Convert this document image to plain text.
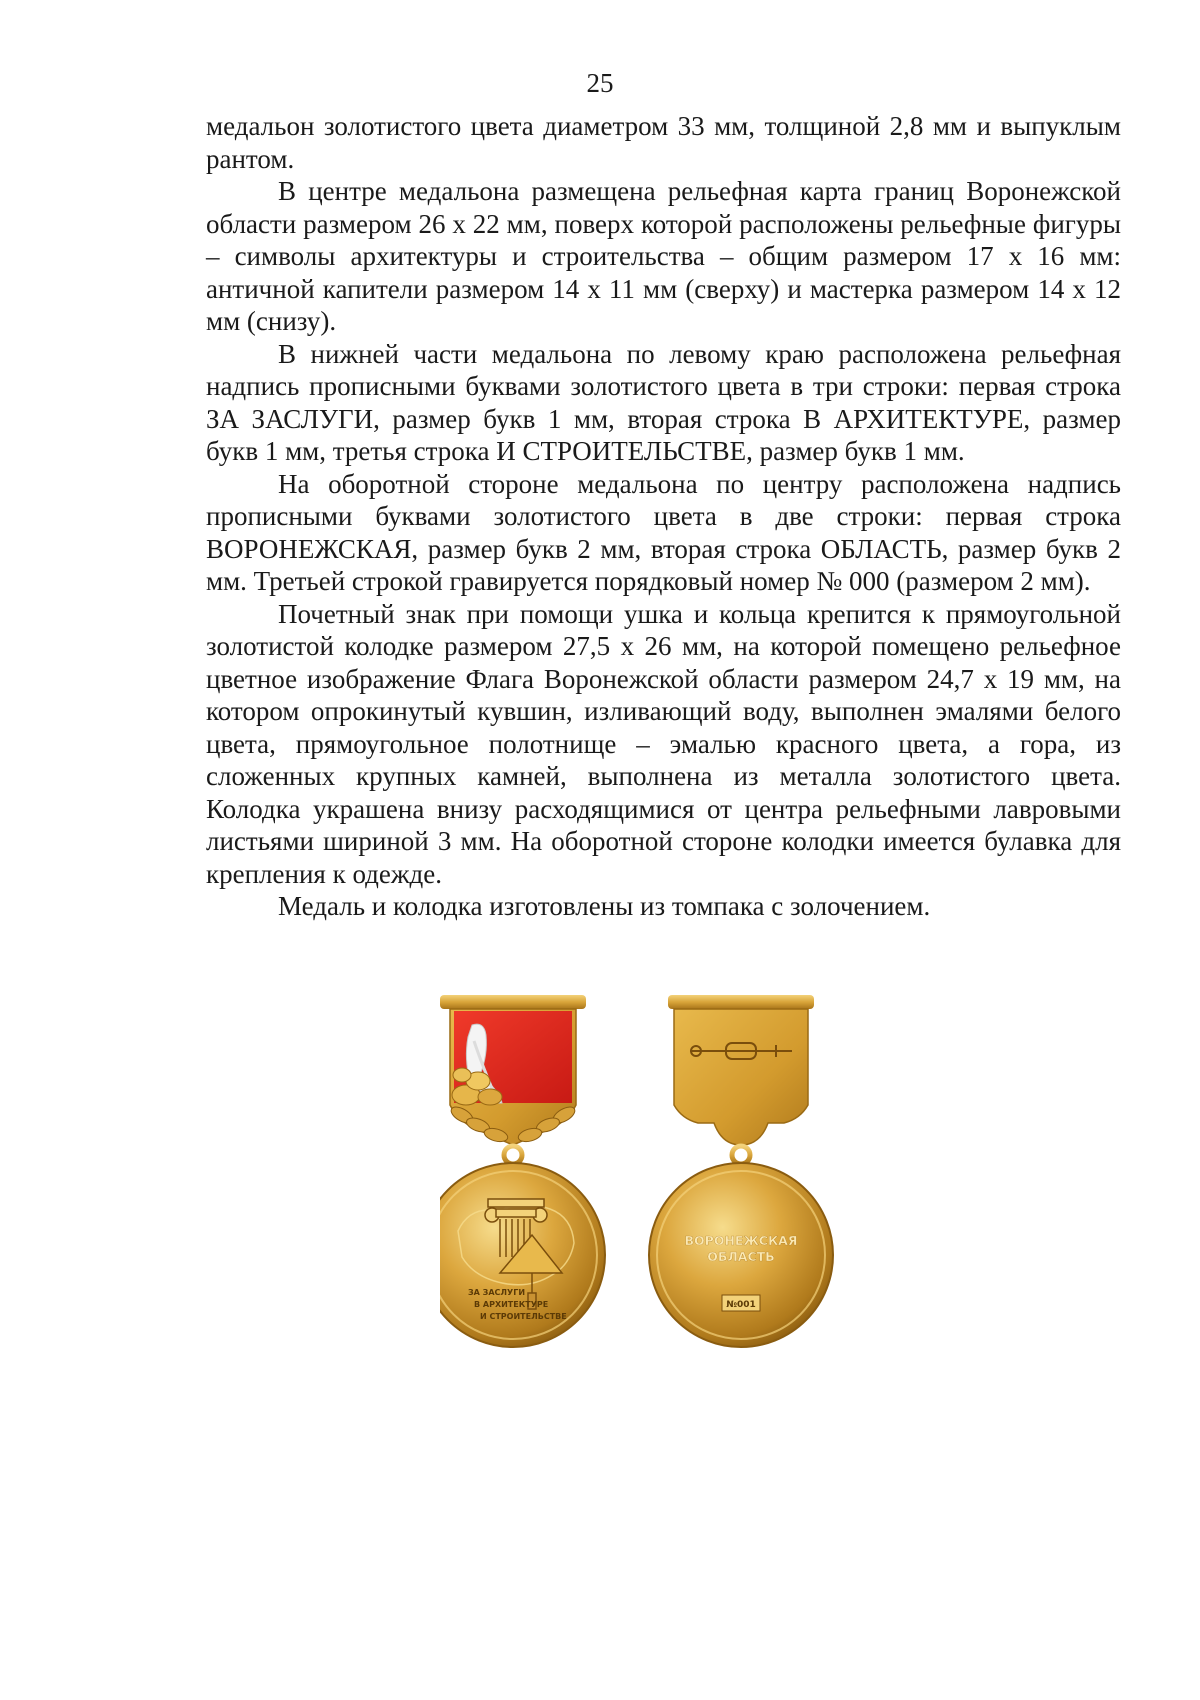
25

медальон золотистого цвета диаметром 33 мм, толщиной 2,8 мм и выпуклым рантом.

В центре медальона размещена рельефная карта границ Воронежской области размером 26 х 22 мм, поверх которой расположены рельефные фигуры – символы архитектуры и строительства – общим размером 17 х 16 мм: античной капители размером 14 х 11 мм (сверху) и мастерка размером 14 х 12 мм (снизу).

В нижней части медальона по левому краю расположена рельефная надпись прописными буквами золотистого цвета в три строки: первая строка ЗА ЗАСЛУГИ, размер букв 1 мм, вторая строка В АРХИТЕКТУРЕ, размер букв 1 мм, третья строка И СТРОИТЕЛЬСТВЕ, размер букв 1 мм.

На оборотной стороне медальона по центру расположена надпись прописными буквами золотистого цвета в две строки: первая строка ВОРОНЕЖСКАЯ, размер букв 2 мм, вторая строка ОБЛАСТЬ, размер букв 2 мм. Третьей строкой гравируется порядковый номер № 000 (размером 2 мм).

Почетный знак при помощи ушка и кольца крепится к прямоугольной золотистой колодке размером 27,5 х 26 мм, на которой помещено рельефное цветное изображение Флага Воронежской области размером 24,7 х 19 мм, на котором опрокинутый кувшин, изливающий воду, выполнен эмалями белого цвета, прямоугольное полотнище – эмалью красного цвета, а гора, из сложенных крупных камней, выполнена из металла золотистого цвета. Колодка украшена внизу расходящимися от центра рельефными лавровыми листьями шириной 3 мм. На оборотной стороне колодки имеется булавка для крепления к одежде.

Медаль и колодка изготовлены из томпака с золочением.

ЗА ЗАСЛУГИ
В АРХИТЕКТУРЕ
И СТРОИТЕЛЬСТВЕ
ВОРОНЕЖСКАЯ
ОБЛАСТЬ
№001
